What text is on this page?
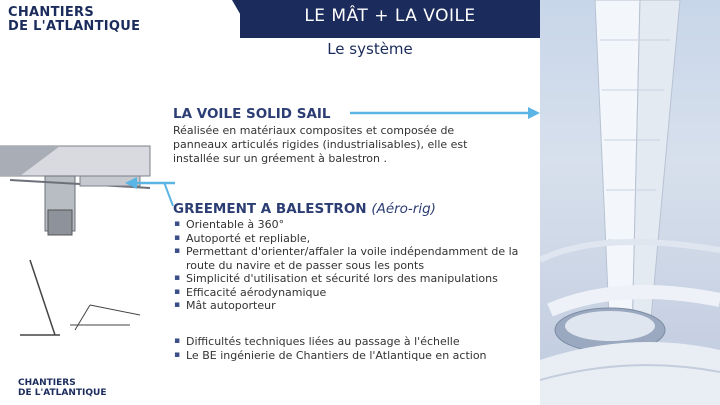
LE MÂT + LA VOILE
Le système
CHANTIERS
DE L'ATLANTIQUE
LA VOILE SOLID SAIL
Réalisée en matériaux composites et composée de panneaux articulés rigides (industrialisables), elle est installée sur un gréement à balestron .
GREEMENT A BALESTRON (Aéro-rig)
▪ Orientable à 360°
▪ Autoporté et repliable,
▪ Permettant d'orienter/affaler la voile indépendamment de la route du navire et de passer sous les ponts
▪ Simplicité d'utilisation et sécurité lors des manipulations
▪ Efficacité aérodynamique
▪ Mât autoporteur
▪ Difficultés techniques liées au passage à l'échelle
▪ Le BE ingénierie de Chantiers de l'Atlantique en action
CHANTIERS
DE L'ATLANTIQUE
